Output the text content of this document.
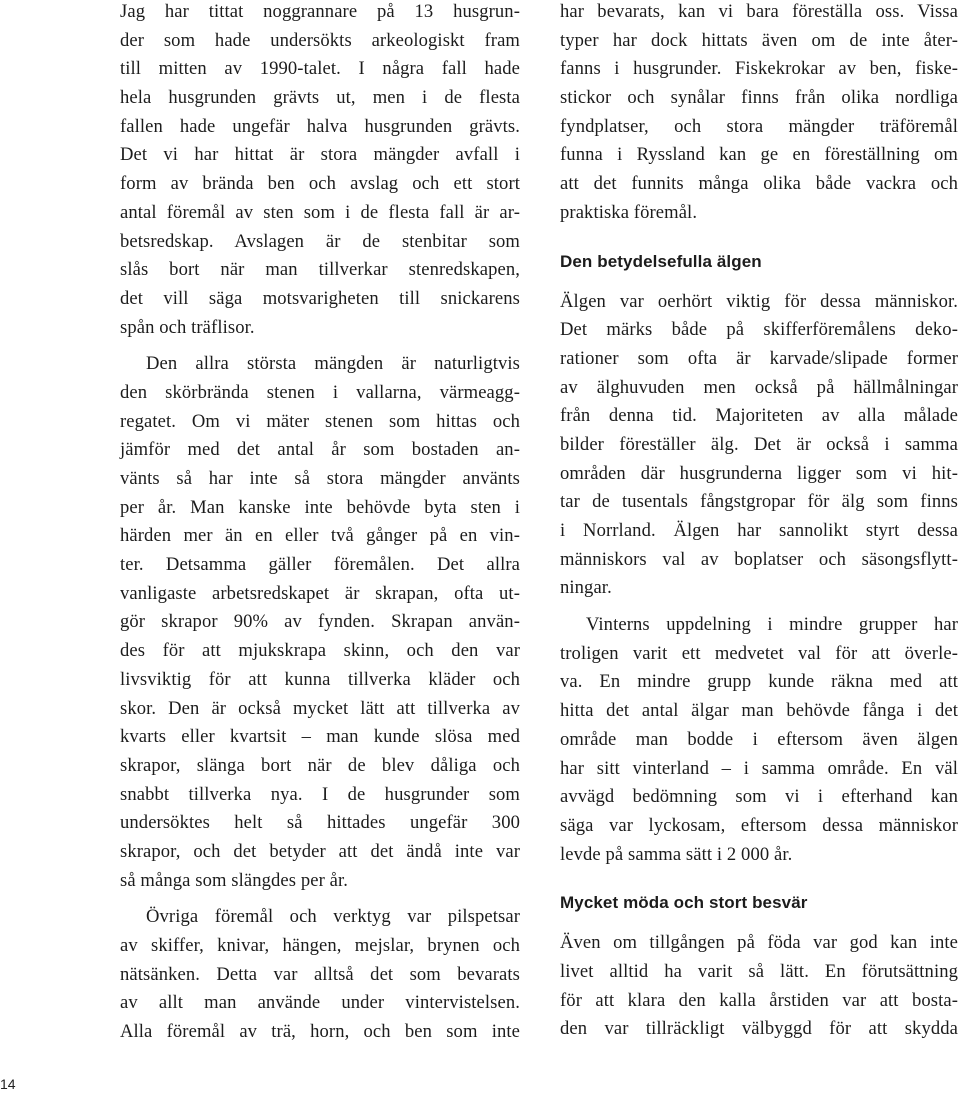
Jag har tittat noggrannare på 13 husgrun-
der som hade undersökts arkeologiskt fram
till mitten av 1990-talet. I några fall hade
hela husgrunden grävts ut, men i de flesta
fallen hade ungefär halva husgrunden grävts.
Det vi har hittat är stora mängder avfall i
form av brända ben och avslag och ett stort
antal föremål av sten som i de flesta fall är ar-
betsredskap. Avslagen är de stenbitar som
slås bort när man tillverkar stenredskapen,
det vill säga motsvarigheten till snickarens
spån och träflisor.
Den allra största mängden är naturligtvis
den skörbrända stenen i vallarna, värmeagg-
regatet. Om vi mäter stenen som hittas och
jämför med det antal år som bostaden an-
vänts så har inte så stora mängder använts
per år. Man kanske inte behövde byta sten i
härden mer än en eller två gånger på en vin-
ter. Detsamma gäller föremålen. Det allra
vanligaste arbetsredskapet är skrapan, ofta ut-
gör skrapor 90% av fynden. Skrapan använ-
des för att mjukskrapa skinn, och den var
livsviktig för att kunna tillverka kläder och
skor. Den är också mycket lätt att tillverka av
kvarts eller kvartsit – man kunde slösa med
skrapor, slänga bort när de blev dåliga och
snabbt tillverka nya. I de husgrunder som
undersöktes helt så hittades ungefär 300
skrapor, och det betyder att det ändå inte var
så många som slängdes per år.
Övriga föremål och verktyg var pilspetsar
av skiffer, knivar, hängen, mejslar, brynen och
nätsänken. Detta var alltså det som bevarats
av allt man använde under vintervistelsen.
Alla föremål av trä, horn, och ben som inte
har bevarats, kan vi bara föreställa oss. Vissa
typer har dock hittats även om de inte åter-
fanns i husgrunder. Fiskekrokar av ben, fiske-
stickor och synålar finns från olika nordliga
fyndplatser, och stora mängder träföremål
funna i Ryssland kan ge en föreställning om
att det funnits många olika både vackra och
praktiska föremål.
Den betydelsefulla älgen
Älgen var oerhört viktig för dessa människor.
Det märks både på skifferföremålens deko-
rationer som ofta är karvade/slipade former
av älghuvuden men också på hällmålningar
från denna tid. Majoriteten av alla målade
bilder föreställer älg. Det är också i samma
områden där husgrunderna ligger som vi hit-
tar de tusentals fångstgropar för älg som finns
i Norrland. Älgen har sannolikt styrt dessa
människors val av boplatser och säsongsflytt-
ningar.
Vinterns uppdelning i mindre grupper har
troligen varit ett medvetet val för att överle-
va. En mindre grupp kunde räkna med att
hitta det antal älgar man behövde fånga i det
område man bodde i eftersom även älgen
har sitt vinterland – i samma område. En väl
avvägd bedömning som vi i efterhand kan
säga var lyckosam, eftersom dessa människor
levde på samma sätt i 2 000 år.
Mycket möda och stort besvär
Även om tillgången på föda var god kan inte
livet alltid ha varit så lätt. En förutsättning
för att klara den kalla årstiden var att bosta-
den var tillräckligt välbyggd för att skydda
14
